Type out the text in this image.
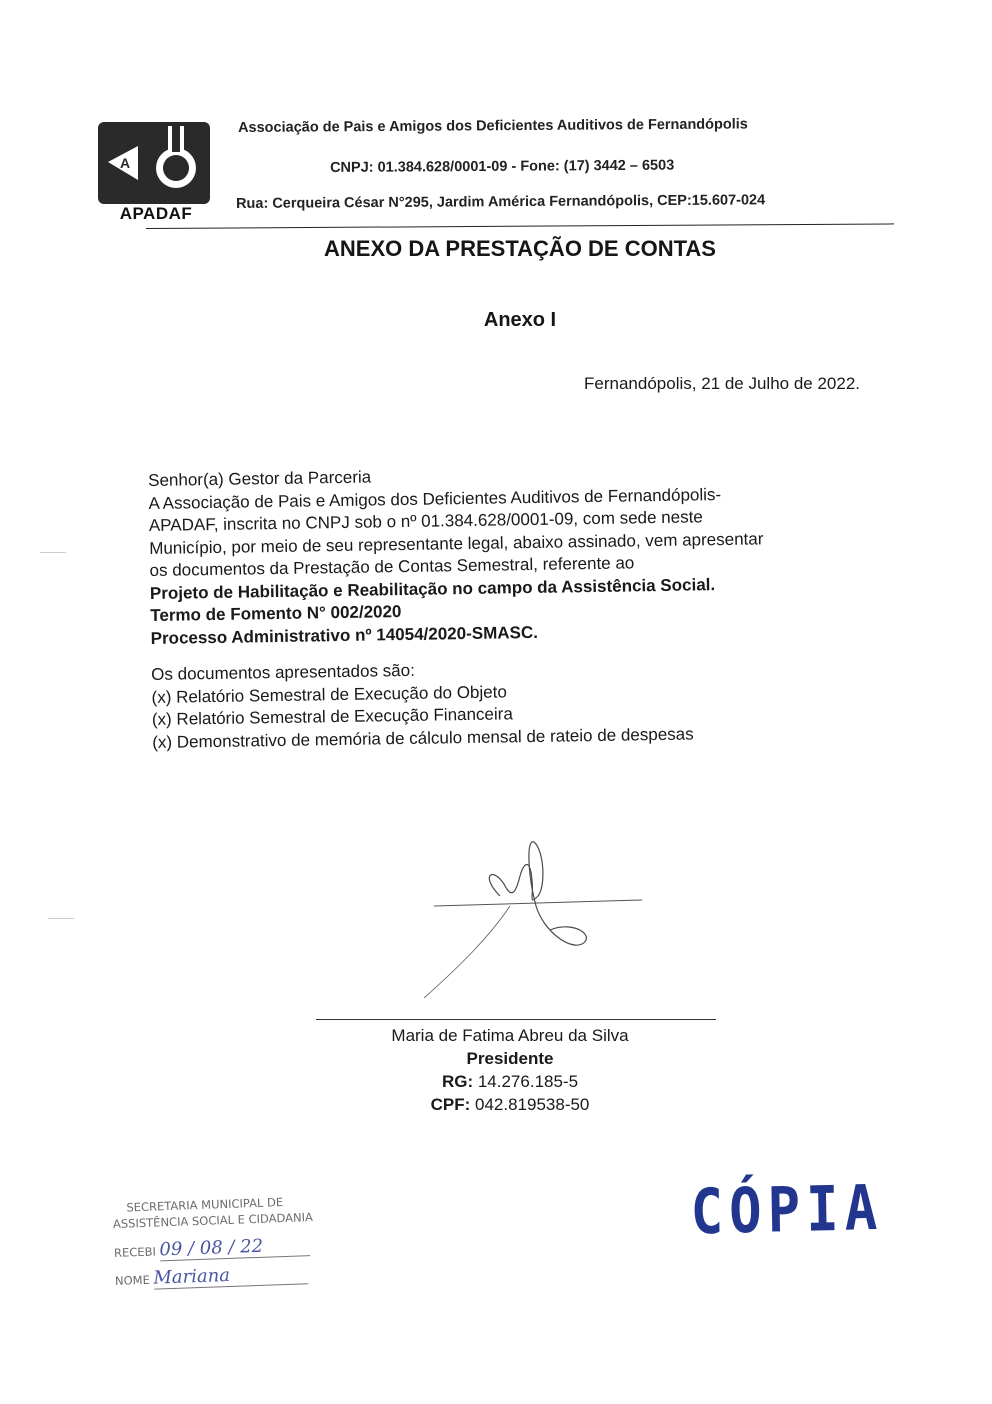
A
APADAF
Associação de Pais e Amigos dos Deficientes Auditivos de Fernandópolis
CNPJ: 01.384.628/0001-09 - Fone: (17) 3442 – 6503
Rua: Cerqueira César N°295, Jardim América Fernandópolis, CEP:15.607-024
ANEXO DA PRESTAÇÃO DE CONTAS
Anexo I
Fernandópolis, 21 de Julho de 2022.
Senhor(a) Gestor da Parceria
A Associação de Pais e Amigos dos Deficientes Auditivos de Fernandópolis-
APADAF, inscrita no CNPJ sob o nº 01.384.628/0001-09, com sede neste
Município, por meio de seu representante legal, abaixo assinado, vem apresentar
os documentos da Prestação de Contas Semestral, referente ao
Projeto de Habilitação e Reabilitação no campo da Assistência Social.
Termo de Fomento N° 002/2020
Processo Administrativo nº 14054/2020-SMASC.
Os documentos apresentados são:
(x) Relatório Semestral de Execução do Objeto
(x) Relatório Semestral de Execução Financeira
(x) Demonstrativo de memória de cálculo mensal de rateio de despesas
Maria de Fatima Abreu da Silva
Presidente
RG: 14.276.185-5
CPF: 042.819538-50
SECRETARIA MUNICIPAL DE
ASSISTÊNCIA SOCIAL E CIDADANIA
RECEBI 09 / 08 / 22
NOME Mariana
CÓPIA
